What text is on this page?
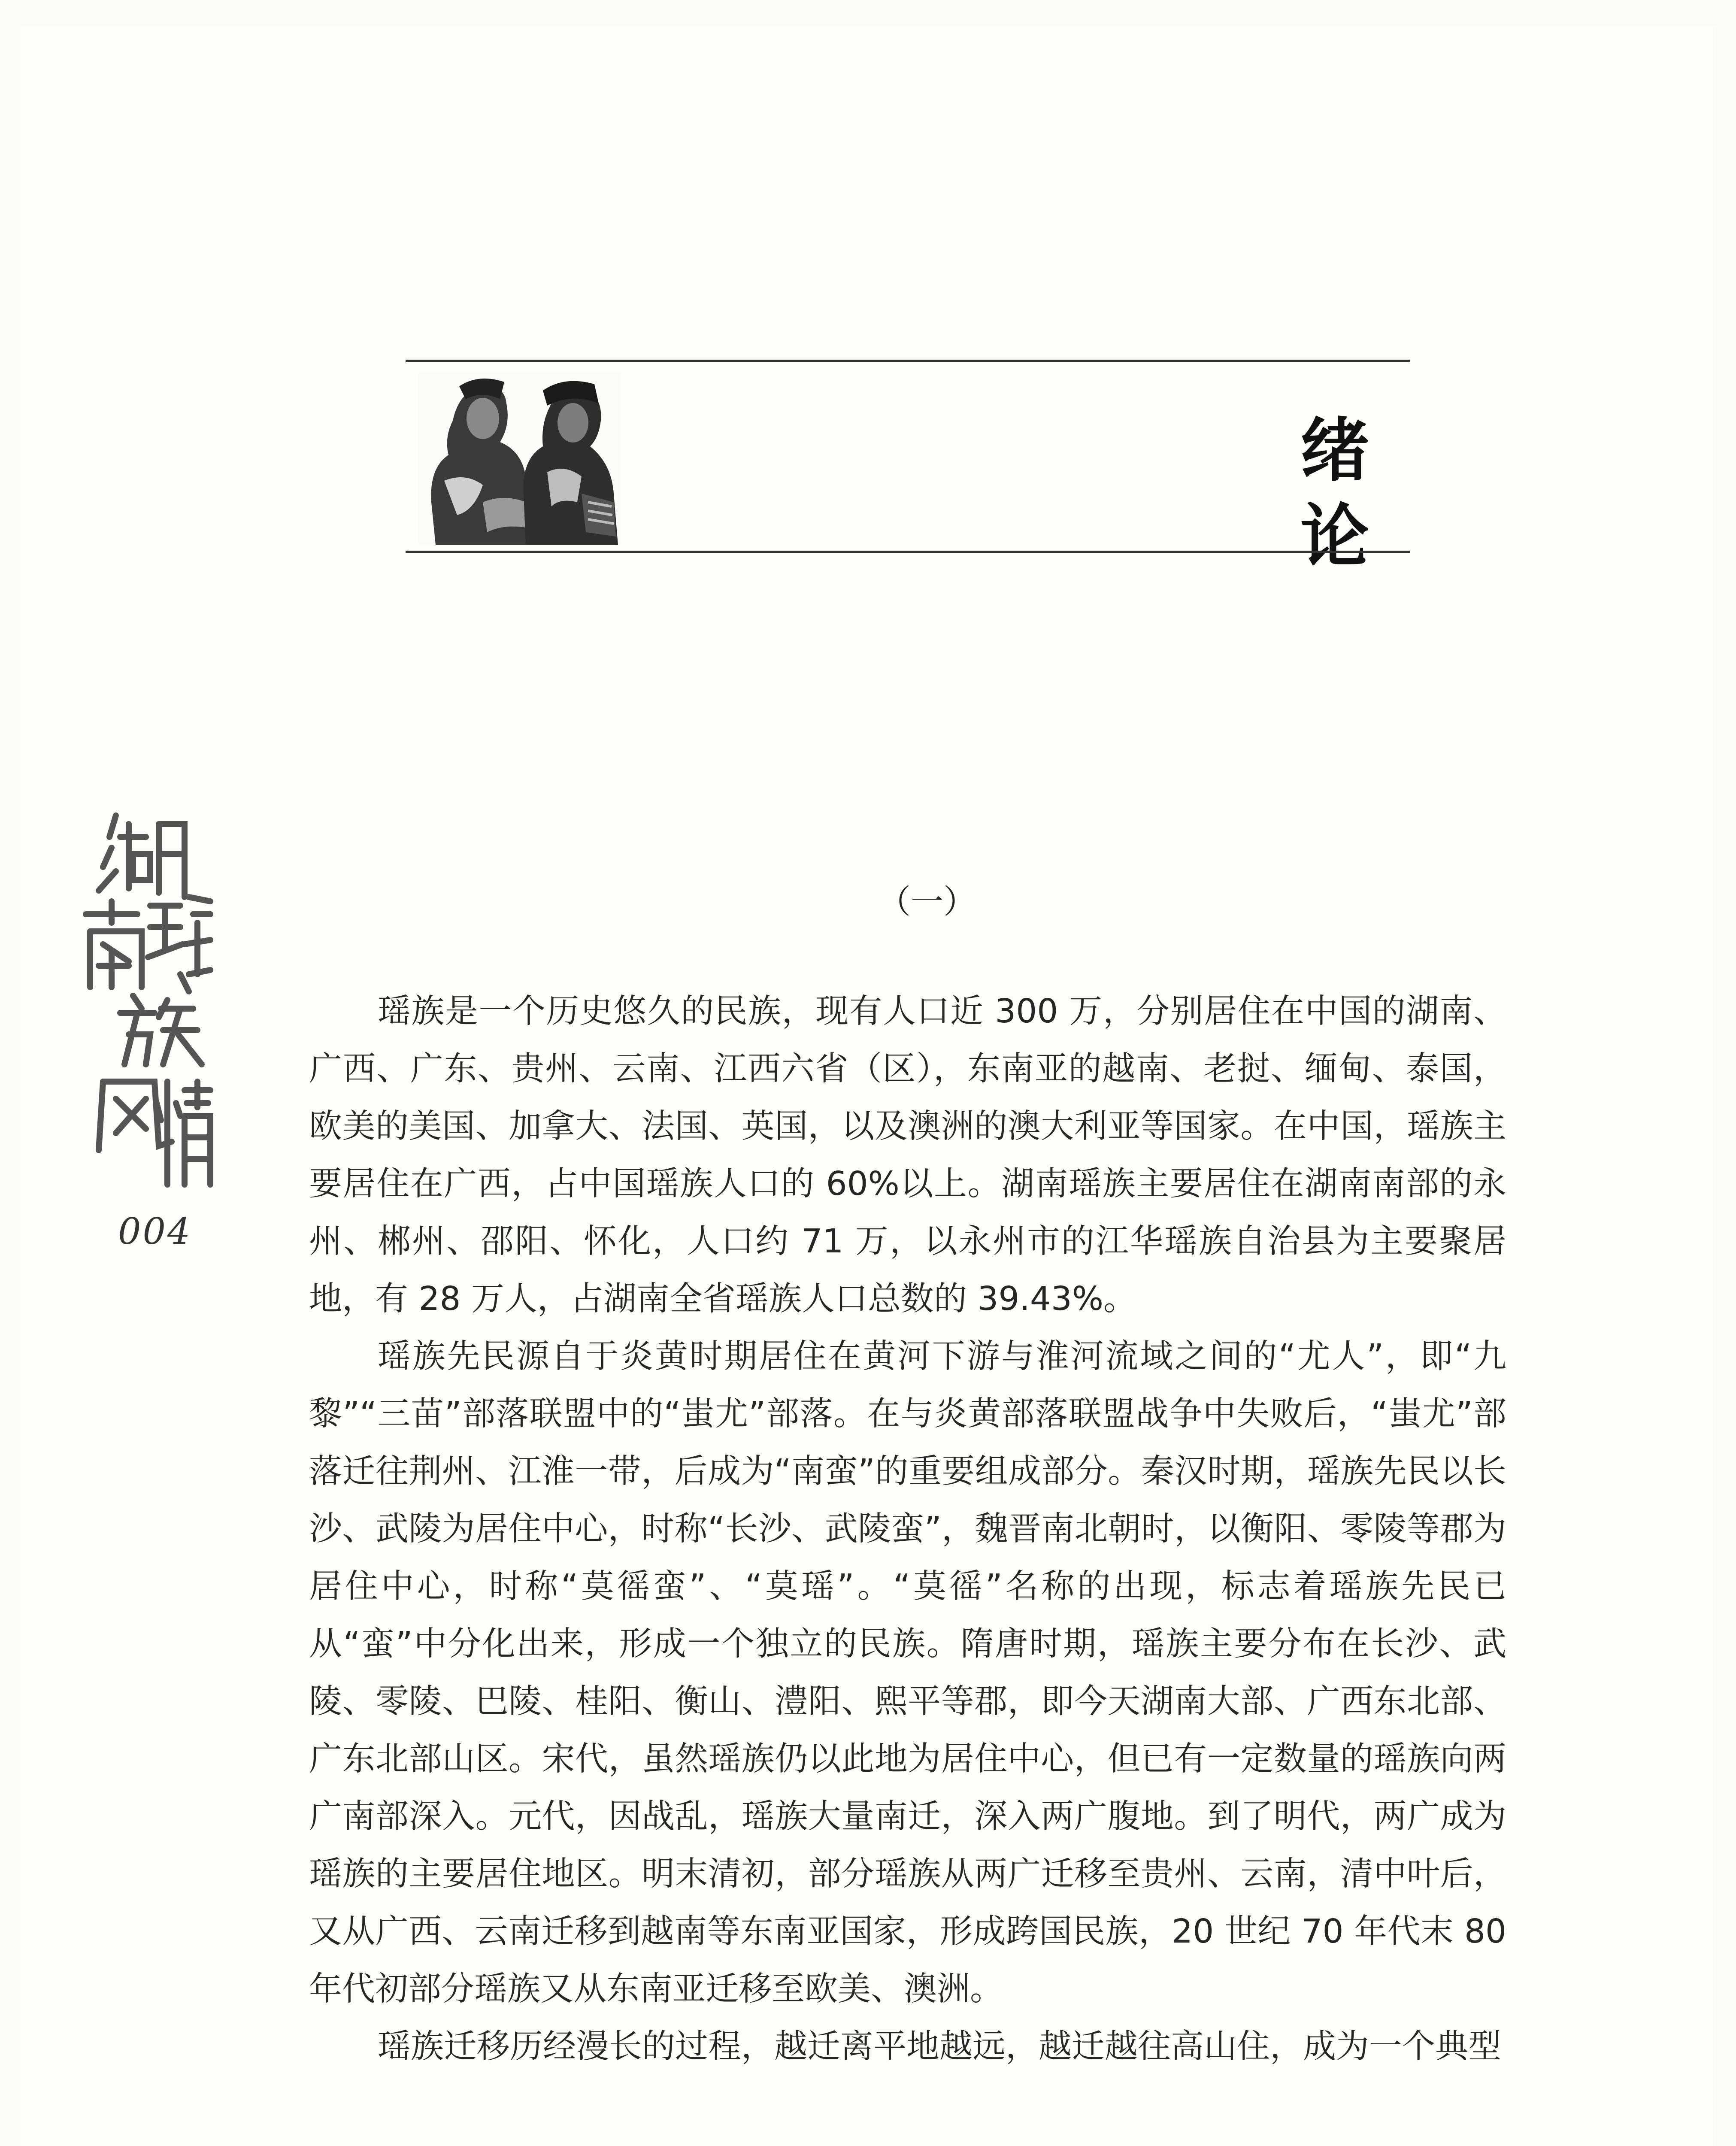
绪 论
004
（一）

瑶族是一个历史悠久的民族，现有人口近 300 万，分别居住在中国的湖南、广西、广东、贵州、云南、江西六省（区），东南亚的越南、老挝、缅甸、泰国，欧美的美国、加拿大、法国、英国，以及澳洲的澳大利亚等国家。在中国，瑶族主要居住在广西，占中国瑶族人口的 60%以上。湖南瑶族主要居住在湖南南部的永州、郴州、邵阳、怀化，人口约 71 万，以永州市的江华瑶族自治县为主要聚居地，有 28 万人，占湖南全省瑶族人口总数的 39.43%。

瑶族先民源自于炎黄时期居住在黄河下游与淮河流域之间的“尤人”，即“九黎”“三苗”部落联盟中的“蚩尤”部落。在与炎黄部落联盟战争中失败后，“蚩尤”部落迁往荆州、江淮一带，后成为“南蛮”的重要组成部分。秦汉时期，瑶族先民以长沙、武陵为居住中心，时称“长沙、武陵蛮”，魏晋南北朝时，以衡阳、零陵等郡为居住中心，时称“莫徭蛮”、“莫瑶”。“莫徭”名称的出现，标志着瑶族先民已从“蛮”中分化出来，形成一个独立的民族。隋唐时期，瑶族主要分布在长沙、武陵、零陵、巴陵、桂阳、衡山、澧阳、熙平等郡，即今天湖南大部、广西东北部、广东北部山区。宋代，虽然瑶族仍以此地为居住中心，但已有一定数量的瑶族向两广南部深入。元代，因战乱，瑶族大量南迁，深入两广腹地。到了明代，两广成为瑶族的主要居住地区。明末清初，部分瑶族从两广迁移至贵州、云南，清中叶后，又从广西、云南迁移到越南等东南亚国家，形成跨国民族，20 世纪 70 年代末 80 年代初部分瑶族又从东南亚迁移至欧美、澳洲。

瑶族迁移历经漫长的过程，越迁离平地越远，越迁越往高山住，成为一个典型
